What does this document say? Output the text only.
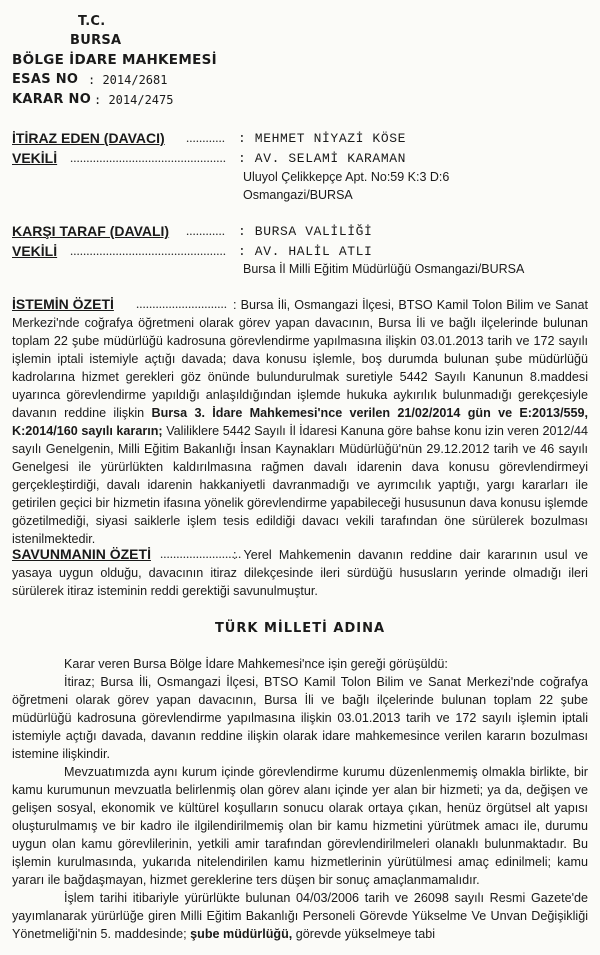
T.C.
BURSA
BÖLGE İDARE MAHKEMESİ
ESAS NO : 2014/2681
KARAR NO : 2014/2475
İTİRAZ EDEN (DAVACI) ............ : MEHMET NİYAZİ KÖSE
VEKİLİ ................................................ : AV. SELAMİ KARAMAN
Uluyol Çelikkepçe Apt. No:59 K:3 D:6
Osmangazi/BURSA
KARŞI TARAF (DAVALI) ............ : BURSA VALİLİĞİ
VEKİLİ ................................................ : AV. HALİL ATLI
Bursa İl Milli Eğitim Müdürlüğü Osmangazi/BURSA
İSTEMİN ÖZETİ ............................ : Bursa İli, Osmangazi İlçesi, BTSO Kamil Tolon Bilim ve Sanat Merkezi'nde coğrafya öğretmeni olarak görev yapan davacının, Bursa İli ve bağlı ilçelerinde bulunan toplam 22 şube müdürlüğü kadrosuna görevlendirme yapılmasına ilişkin 03.01.2013 tarih ve 172 sayılı işlemin iptali istemiyle açtığı davada; dava konusu işlemle, boş durumda bulunan şube müdürlüğü kadrolarına hizmet gerekleri göz önünde bulundurulmak suretiyle 5442 Sayılı Kanunun 8.maddesi uyarınca görevlendirme yapıldığı anlaşıldığından işlemde hukuka aykırılık bulunmadığı gerekçesiyle davanın reddine ilişkin Bursa 3. İdare Mahkemesi'nce verilen 21/02/2014 gün ve E:2013/559, K:2014/160 sayılı kararın; Valiliklere 5442 Sayılı İl İdaresi Kanuna göre bahse konu izin veren 2012/44 sayılı Genelgenin, Milli Eğitim Bakanlığı İnsan Kaynakları Müdürlüğü'nün 29.12.2012 tarih ve 46 sayılı Genelgesi ile yürürlükten kaldırılmasına rağmen davalı idarenin dava konusu görevlendirmeyi gerçekleştirdiği, davalı idarenin hakkaniyetli davranmadığı ve ayrımcılık yaptığı, yargı kararları ile getirilen geçici bir hizmetin ifasına yönelik görevlendirme yapabileceği hususunun dava konusu işlemde gözetilmediği, siyasi saiklerle işlem tesis edildiği davacı vekili tarafından öne sürülerek bozulması istenilmektedir.
SAVUNMANIN ÖZETİ .........................
: Yerel Mahkemenin davanın reddine dair kararının usul ve yasaya uygun olduğu, davacının itiraz dilekçesinde ileri sürdüğü hususların yerinde olmadığı ileri sürülerek itiraz isteminin reddi gerektiği savunulmuştur.
TÜRK MİLLETİ ADINA
Karar veren Bursa Bölge İdare Mahkemesi'nce işin gereği görüşüldü:
İtiraz; Bursa İli, Osmangazi İlçesi, BTSO Kamil Tolon Bilim ve Sanat Merkezi'nde coğrafya öğretmeni olarak görev yapan davacının, Bursa İli ve bağlı ilçelerinde bulunan toplam 22 şube müdürlüğü kadrosuna görevlendirme yapılmasına ilişkin 03.01.2013 tarih ve 172 sayılı işlemin iptali istemiyle açtığı davada, davanın reddine ilişkin olarak idare mahkemesince verilen kararın bozulması istemine ilişkindir.
Mevzuatımızda aynı kurum içinde görevlendirme kurumu düzenlenmemiş olmakla birlikte, bir kamu kurumunun mevzuatla belirlenmiş olan görev alanı içinde yer alan bir hizmeti; ya da, değişen ve gelişen sosyal, ekonomik ve kültürel koşulların sonucu olarak ortaya çıkan, henüz örgütsel alt yapısı oluşturulmamış ve bir kadro ile ilgilendirilmemiş olan bir kamu hizmetini yürütmek amacı ile, durumu uygun olan kamu görevlilerinin, yetkili amir tarafından görevlendirilmeleri olanaklı bulunmaktadır. Bu işlemin kurulmasında, yukarıda nitelendirilen kamu hizmetlerinin yürütülmesi amaç edinilmeli; kamu yararı ile bağdaşmayan, hizmet gereklerine ters düşen bir sonuç amaçlanmamalıdır.
İşlem tarihi itibariyle yürürlükte bulunan 04/03/2006 tarih ve 26098 sayılı Resmi Gazete'de yayımlanarak yürürlüğe giren Milli Eğitim Bakanlığı Personeli Görevde Yükselme Ve Unvan Değişikliği Yönetmeliği'nin 5. maddesinde; şube müdürlüğü, görevde yükselmeye tabi
